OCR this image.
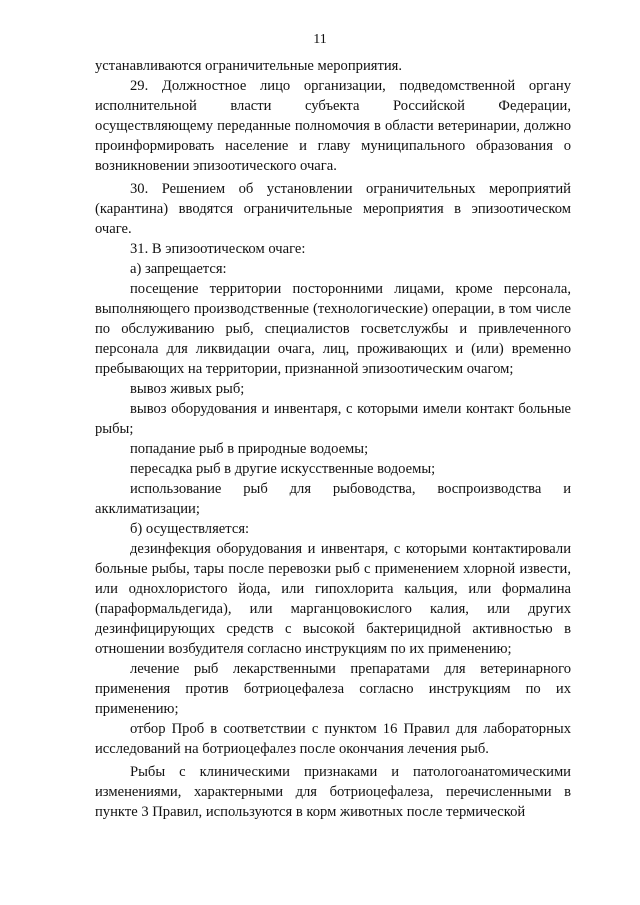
11

устанавливаются ограничительные мероприятия.

29. Должностное лицо организации, подведомственной органу исполнительной власти субъекта Российской Федерации, осуществляющему переданные полномочия в области ветеринарии, должно проинформировать население и главу муниципального образования о возникновении эпизоотического очага.

30. Решением об установлении ограничительных мероприятий (карантина) вводятся ограничительные мероприятия в эпизоотическом очаге.

31. В эпизоотическом очаге:

а) запрещается:

посещение территории посторонними лицами, кроме персонала, выполняющего производственные (технологические) операции, в том числе по обслуживанию рыб, специалистов госветслужбы и привлеченного персонала для ликвидации очага, лиц, проживающих и (или) временно пребывающих на территории, признанной эпизоотическим очагом;

вывоз живых рыб;

вывоз оборудования и инвентаря, с которыми имели контакт больные рыбы;

попадание рыб в природные водоемы;

пересадка рыб в другие искусственные водоемы;

использование рыб для рыбоводства, воспроизводства и акклиматизации;

б) осуществляется:

дезинфекция оборудования и инвентаря, с которыми контактировали больные рыбы, тары после перевозки рыб с применением хлорной извести, или однохлористого йода, или гипохлорита кальция, или формалина (параформальдегида), или марганцовокислого калия, или других дезинфицирующих средств с высокой бактерицидной активностью в отношении возбудителя согласно инструкциям по их применению;

лечение рыб лекарственными препаратами для ветеринарного применения против ботриоцефалеза согласно инструкциям по их применению;

отбор Проб в соответствии с пунктом 16 Правил для лабораторных исследований на ботриоцефалез после окончания лечения рыб.

Рыбы с клиническими признаками и патологоанатомическими изменениями, характерными для ботриоцефалеза, перечисленными в пункте 3 Правил, используются в корм животных после термической
